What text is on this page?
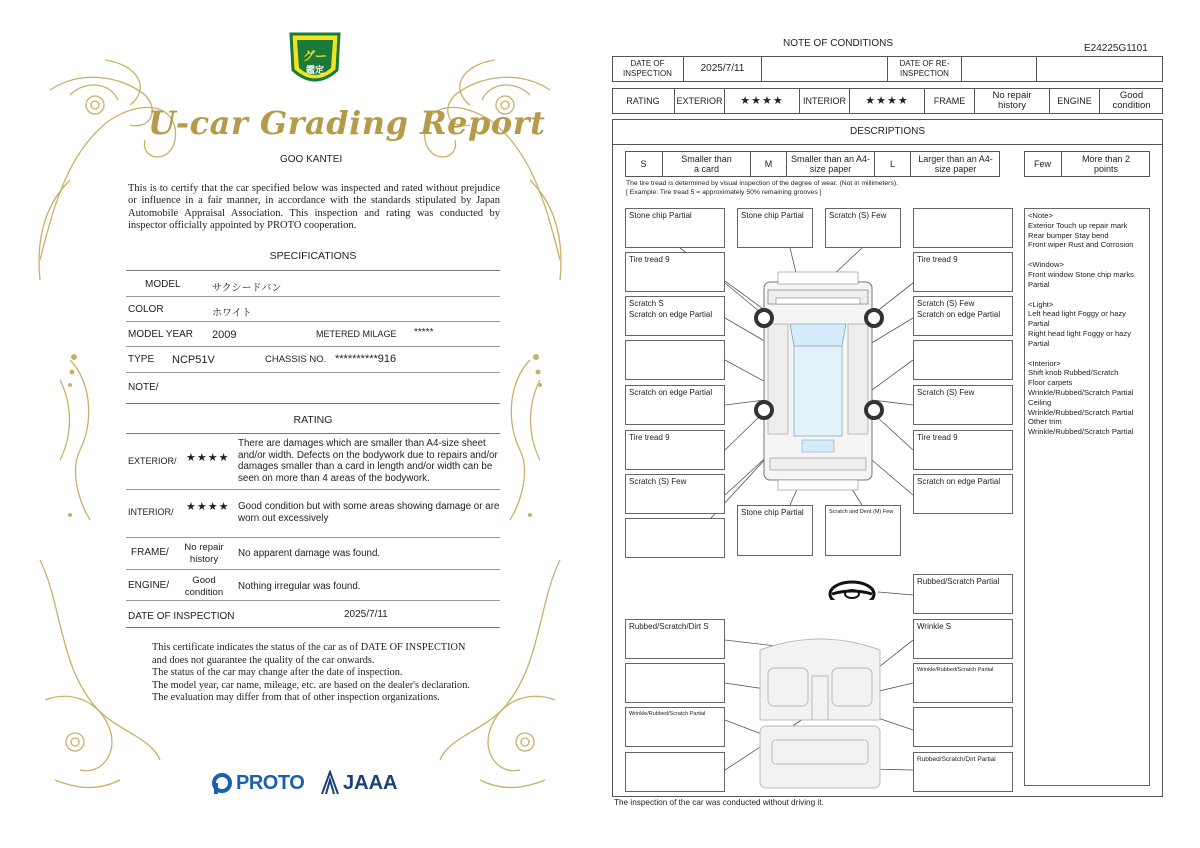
グー
鑑定
U-car Grading Report
GOO KANTEI
This is to certify that the car specified below was inspected and rated without prejudice or influence in a fair manner, in accordance with the standards stipulated by Japan Automobile Appraisal Association. This inspection and rating was conducted by inspector officially appointed by PROTO cooperation.
SPECIFICATIONS
MODEL	サクシードバン
COLOR	ホワイト
MODEL YEAR 2009	METERED MILAGE *****
TYPE NCP51V	CHASSIS NO. **********916
NOTE/
RATING
EXTERIOR/ ★★★★
There are damages which are smaller than A4-size sheet and/or width. Defects on the bodywork due to repairs and/or damages smaller than a card in length and/or width can be seen on more than 4 areas of the bodywork.
INTERIOR/ ★★★★ Good condition but with some areas showing damage or are worn out excessively
FRAME/	No repair history	No apparent damage was found.
ENGINE/	Good condition	Nothing irregular was found.
DATE OF INSPECTION	2025/7/11
This certificate indicates the status of the car as of DATE OF INSPECTION and does not guarantee the quality of the car onwards.
The status of the car may change after the date of inspection.
The model year, car name, mileage, etc. are based on the dealer's declaration.
The evaluation may differ from that of other inspection organizations.
PROTO JAAA
NOTE OF CONDITIONS	E24225G1101
DATE OF INSPECTION	2025/7/11	DATE OF RE-INSPECTION
RATING	EXTERIOR	★★★★	INTERIOR	★★★★	FRAME	No repair history	ENGINE	Good condition
DESCRIPTIONS
S	Smaller than a card	M	Smaller than an A4-size paper	L	Larger than an A4-size paper	Few	More than 2 points
The tire tread is determined by visual inspection of the degree of wear. (Not in millimeters).
[ Example: Tire tread 5 = approximately 50% remaining grooves ]
Stone chip Partial	Stone chip Partial	Scratch (S) Few
Tire tread 9	Tire tread 9
Scratch S
Scratch on edge Partial
Scratch (S) Few
Scratch on edge Partial
Scratch on edge Partial	Scratch (S) Few
Tire tread 9	Tire tread 9
Scratch (S) Few	Scratch on edge Partial
Stone chip Partial	Scratch and Dent (M) Few
Rubbed/Scratch Partial
Rubbed/Scratch/Dirt S	Wrinkle S
Wrinkle/Rubbed/Scratch Partial
Wrinkle/Rubbed/Scratch Partial
Rubbed/Scratch/Dirt Partial
<Note>
Exterior Touch up repair mark
Rear bumper Stay bend
Front wiper Rust and Corrosion
<Window>
Front window Stone chip marks Partial
<Light>
Left head light Foggy or hazy Partial
Right head light Foggy or hazy Partial
<Interior>
Shift knob Rubbed/Scratch
Floor carpets
Wrinkle/Rubbed/Scratch Partial
Ceiling
Wrinkle/Rubbed/Scratch Partial
Other trim
Wrinkle/Rubbed/Scratch Partial
The inspection of the car was conducted without driving it.
